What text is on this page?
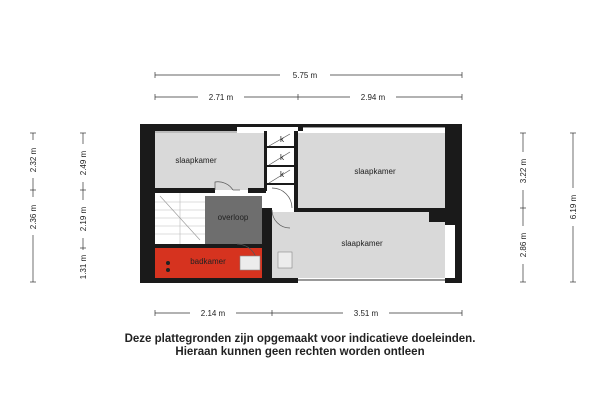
5.75 m
2.71 m	2.94 m
2.14 m	3.51 m
2.32 m
2.36 m
2.49 m
2.19 m
1.31 m
3.22 m
2.86 m
6.19 m
slaapkamer
slaapkamer
slaapkamer
overloop
badkamer
k
k
k
Deze plattegronden zijn opgemaakt voor indicatieve doeleinden.
Hieraan kunnen geen rechten worden ontleen
